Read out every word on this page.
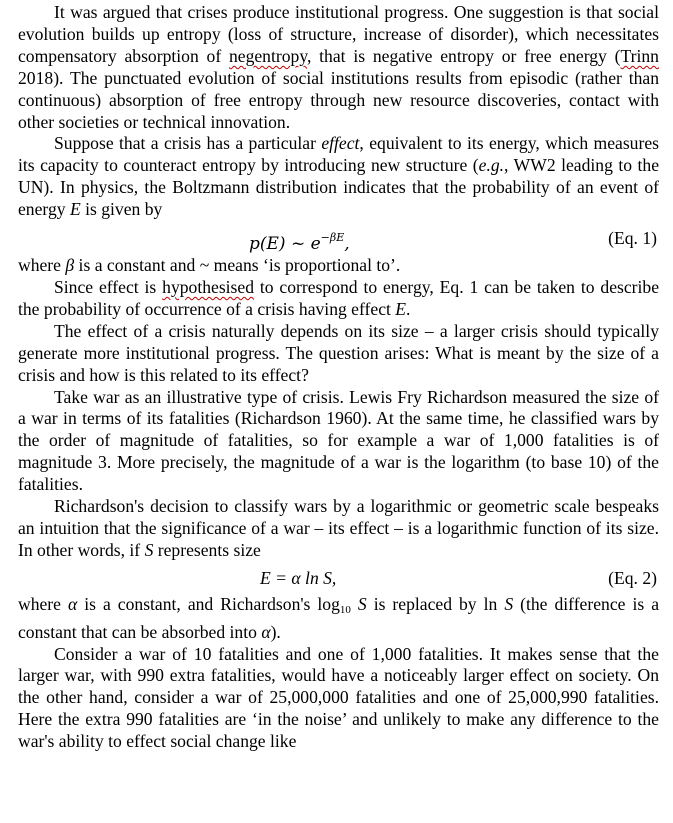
It was argued that crises produce institutional progress. One suggestion is that social evolution builds up entropy (loss of structure, increase of disorder), which necessitates compensatory absorption of negentropy, that is negative entropy or free energy (Trinn 2018). The punctuated evolution of social institutions results from episodic (rather than continuous) absorption of free entropy through new resource discoveries, contact with other societies or technical innovation.

Suppose that a crisis has a particular effect, equivalent to its energy, which measures its capacity to counteract entropy by introducing new structure (e.g., WW2 leading to the UN). In physics, the Boltzmann distribution indicates that the probability of an event of energy E is given by

p(E) ~ $e^{-\beta E}$,	(Eq. 1)

where β is a constant and ~ means ‘is proportional to’.

Since effect is hypothesised to correspond to energy, Eq. 1 can be taken to describe the probability of occurrence of a crisis having effect E.

The effect of a crisis naturally depends on its size – a larger crisis should typically generate more institutional progress. The question arises: What is meant by the size of a crisis and how is this related to its effect?

Take war as an illustrative type of crisis. Lewis Fry Richardson measured the size of a war in terms of its fatalities (Richardson 1960). At the same time, he classified wars by the order of magnitude of fatalities, so for example a war of 1,000 fatalities is of magnitude 3. More precisely, the magnitude of a war is the logarithm (to base 10) of the fatalities.

Richardson's decision to classify wars by a logarithmic or geometric scale bespeaks an intuition that the significance of a war – its effect – is a logarithmic function of its size. In other words, if S represents size

E = α ln S,	(Eq. 2)

where α is a constant, and Richardson's $\log_{10} S$ is replaced by ln S (the difference is a constant that can be absorbed into α).

Consider a war of 10 fatalities and one of 1,000 fatalities. It makes sense that the larger war, with 990 extra fatalities, would have a noticeably larger effect on society. On the other hand, consider a war of 25,000,000 fatalities and one of 25,000,990 fatalities. Here the extra 990 fatalities are ‘in the noise’ and unlikely to make any difference to the war's ability to effect social change like
